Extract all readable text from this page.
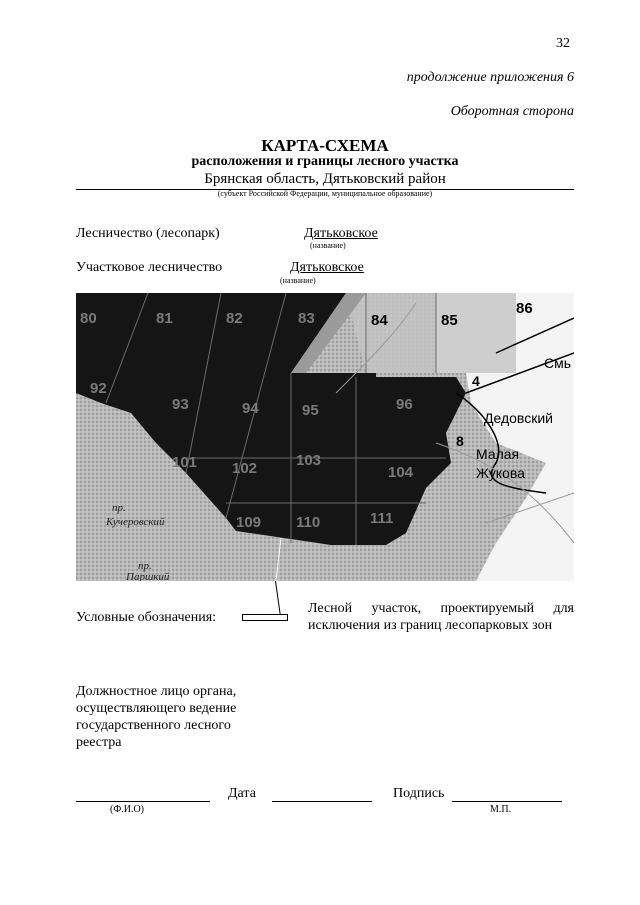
32
продолжение приложения 6
Оборотная сторона
КАРТА-СХЕМА
расположения и границы лесного участка
Брянская область, Дятьковский район
(субъект Российской Федерации, муниципальное образование)
Лесничество (лесопарк)	Дятьковское
(название)
Участковое лесничество	Дятьковское
(название)
80	81	82	83	84	85
86
92
93	94	95	96
101 102	103
104
109 110	111
Дедовский
Малая
Жукова
Смь
4
8
пр.
Кучеровский
пр.
Паршкий
Условные обозначения:
Лесной участок, проектируемый для исключения из границ лесопарковых зон
Должностное лицо органа, осуществляющего ведение государственного лесного реестра
(Ф.И.О)
Дата	Подпись
М.П.
